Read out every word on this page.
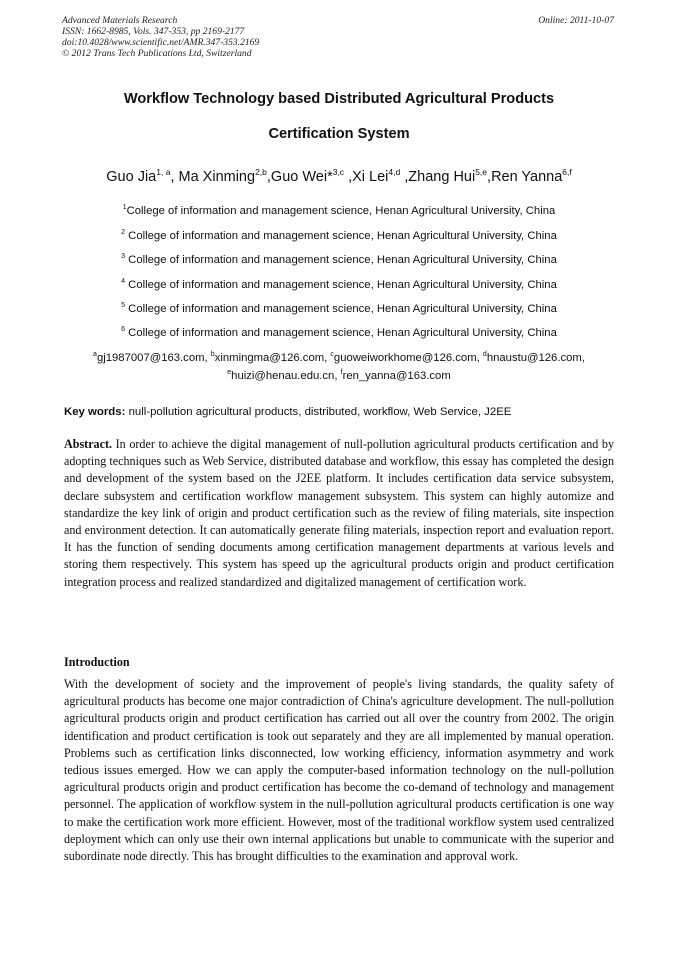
Advanced Materials Research
ISSN: 1662-8985, Vols. 347-353, pp 2169-2177
doi:10.4028/www.scientific.net/AMR.347-353.2169
© 2012 Trans Tech Publications Ltd, Switzerland
Online: 2011-10-07
Workflow Technology based Distributed Agricultural Products
Certification System
Guo Jia$^{1, a}$, Ma Xinming$^{2,b}$,Guo Wei*$^{3,c}$ ,Xi Lei$^{4,d}$ ,Zhang Hui$^{5,e}$,Ren Yanna$^{6,f}$
$^1$College of information and management science, Henan Agricultural University, China
$^2$ College of information and management science, Henan Agricultural University, China
$^3$ College of information and management science, Henan Agricultural University, China
$^4$ College of information and management science, Henan Agricultural University, China
$^5$ College of information and management science, Henan Agricultural University, China
$^6$ College of information and management science, Henan Agricultural University, China
$^a$gj1987007@163.com, $^b$xinmingma@126.com, $^c$guoweiworkhome@126.com, $^d$hnaustu@126.com,
$^e$huizi@henau.edu.cn, $^f$ren_yanna@163.com
Key words: null-pollution agricultural products, distributed, workflow, Web Service, J2EE
Abstract. In order to achieve the digital management of null-pollution agricultural products certification and by adopting techniques such as Web Service, distributed database and workflow, this essay has completed the design and development of the system based on the J2EE platform. It includes certification data service subsystem, declare subsystem and certification workflow management subsystem. This system can highly automize and standardize the key link of origin and product certification such as the review of filing materials, site inspection and environment detection. It can automatically generate filing materials, inspection report and evaluation report. It has the function of sending documents among certification management departments at various levels and storing them respectively. This system has speed up the agricultural products origin and product certification integration process and realized standardized and digitalized management of certification work.
Introduction
With the development of society and the improvement of people's living standards, the quality safety of agricultural products has become one major contradiction of China's agriculture development. The null-pollution agricultural products origin and product certification has carried out all over the country from 2002. The origin identification and product certification is took out separately and they are all implemented by manual operation. Problems such as certification links disconnected, low working efficiency, information asymmetry and work tedious issues emerged. How we can apply the computer-based information technology on the null-pollution agricultural products origin and product certification has become the co-demand of technology and management personnel. The application of workflow system in the null-pollution agricultural products certification is one way to make the certification work more efficient. However, most of the traditional workflow system used centralized deployment which can only use their own internal applications but unable to communicate with the superior and subordinate node directly. This has brought difficulties to the examination and approval work.
